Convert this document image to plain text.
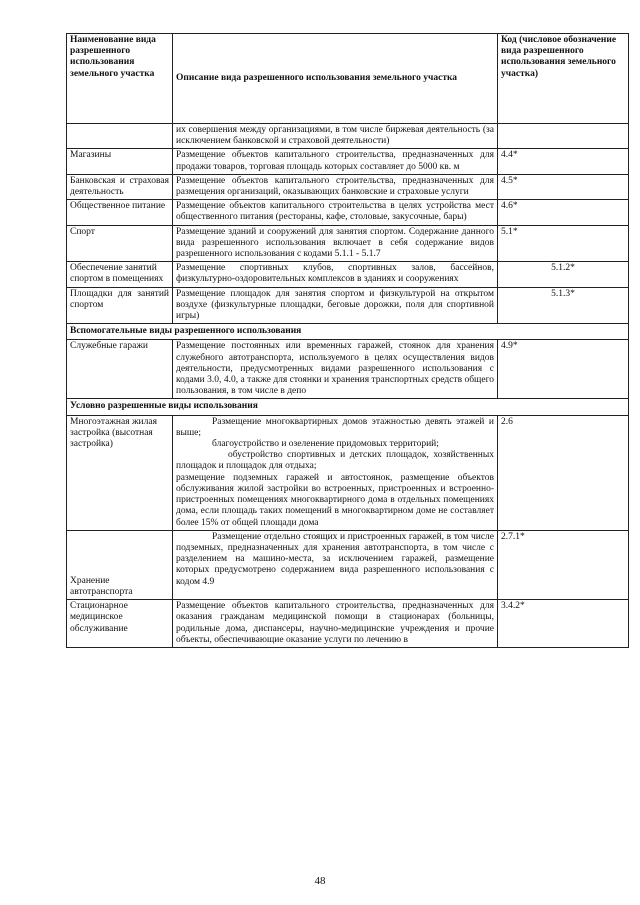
Наименование вида разрешенного использования земельного участка	Описание вида разрешенного использования земельного участка	Код (числовое обозначение вида разрешенного использования земельного участка)
	их совершения между организациями, в том числе биржевая деятельность (за исключением банковской и страховой деятельности)	
Магазины	Размещение объектов капитального строительства, предназначенных для продажи товаров, торговая площадь которых составляет до 5000 кв. м	4.4*
Банковская и страховая деятельность	Размещение объектов капитального строительства, предназначенных для размещения организаций, оказывающих банковские и страховые услуги	4.5*
Общественное питание	Размещение объектов капитального строительства в целях устройства мест общественного питания (рестораны, кафе, столовые, закусочные, бары)	4.6*
Спорт	Размещение зданий и сооружений для занятия спортом. Содержание данного вида разрешенного использования включает в себя содержание видов разрешенного использования с кодами 5.1.1 - 5.1.7	5.1*
Обеспечение занятий спортом в помещениях	Размещение спортивных клубов, спортивных залов, бассейнов, физкультурно-оздоровительных комплексов в зданиях и сооружениях	5.1.2*
Площадки для занятий спортом	Размещение площадок для занятия спортом и физкультурой на открытом воздухе (физкультурные площадки, беговые дорожки, поля для спортивной игры)	5.1.3*
Вспомогательные виды разрешенного использования		
Служебные гаражи	Размещение постоянных или временных гаражей, стоянок для хранения служебного автотранспорта, используемого в целях осуществления видов деятельности, предусмотренных видами разрешенного использования с кодами 3.0, 4.0, а также для стоянки и хранения транспортных средств общего пользования, в том числе в депо	4.9*
Условно разрешенные виды использования		
Многоэтажная жилая застройка (высотная застройка)	Размещение многоквартирных домов этажностью девять этажей и выше;
благоустройство и озеленение придомовых территорий;
обустройство спортивных и детских площадок, хозяйственных площадок и площадок для отдыха;
размещение подземных гаражей и автостоянок, размещение объектов обслуживания жилой застройки во встроенных, пристроенных и встроенно-пристроенных помещениях многоквартирного дома в отдельных помещениях дома, если площадь таких помещений в многоквартирном доме не составляет более 15% от общей площади дома	2.6

Хранение автотранспорта	Размещение отдельно стоящих и пристроенных гаражей, в том числе подземных, предназначенных для хранения автотранспорта, в том числе с разделением на машино-места, за исключением гаражей, размещение которых предусмотрено содержанием вида разрешенного использования с кодом 4.9	2.7.1*
Стационарное медицинское обслуживание	Размещение объектов капитального строительства, предназначенных для оказания гражданам медицинской помощи в стационарах (больницы, родильные дома, диспансеры, научно-медицинские учреждения и прочие объекты, обеспечивающие оказание услуги по лечению в	3.4.2*
48
